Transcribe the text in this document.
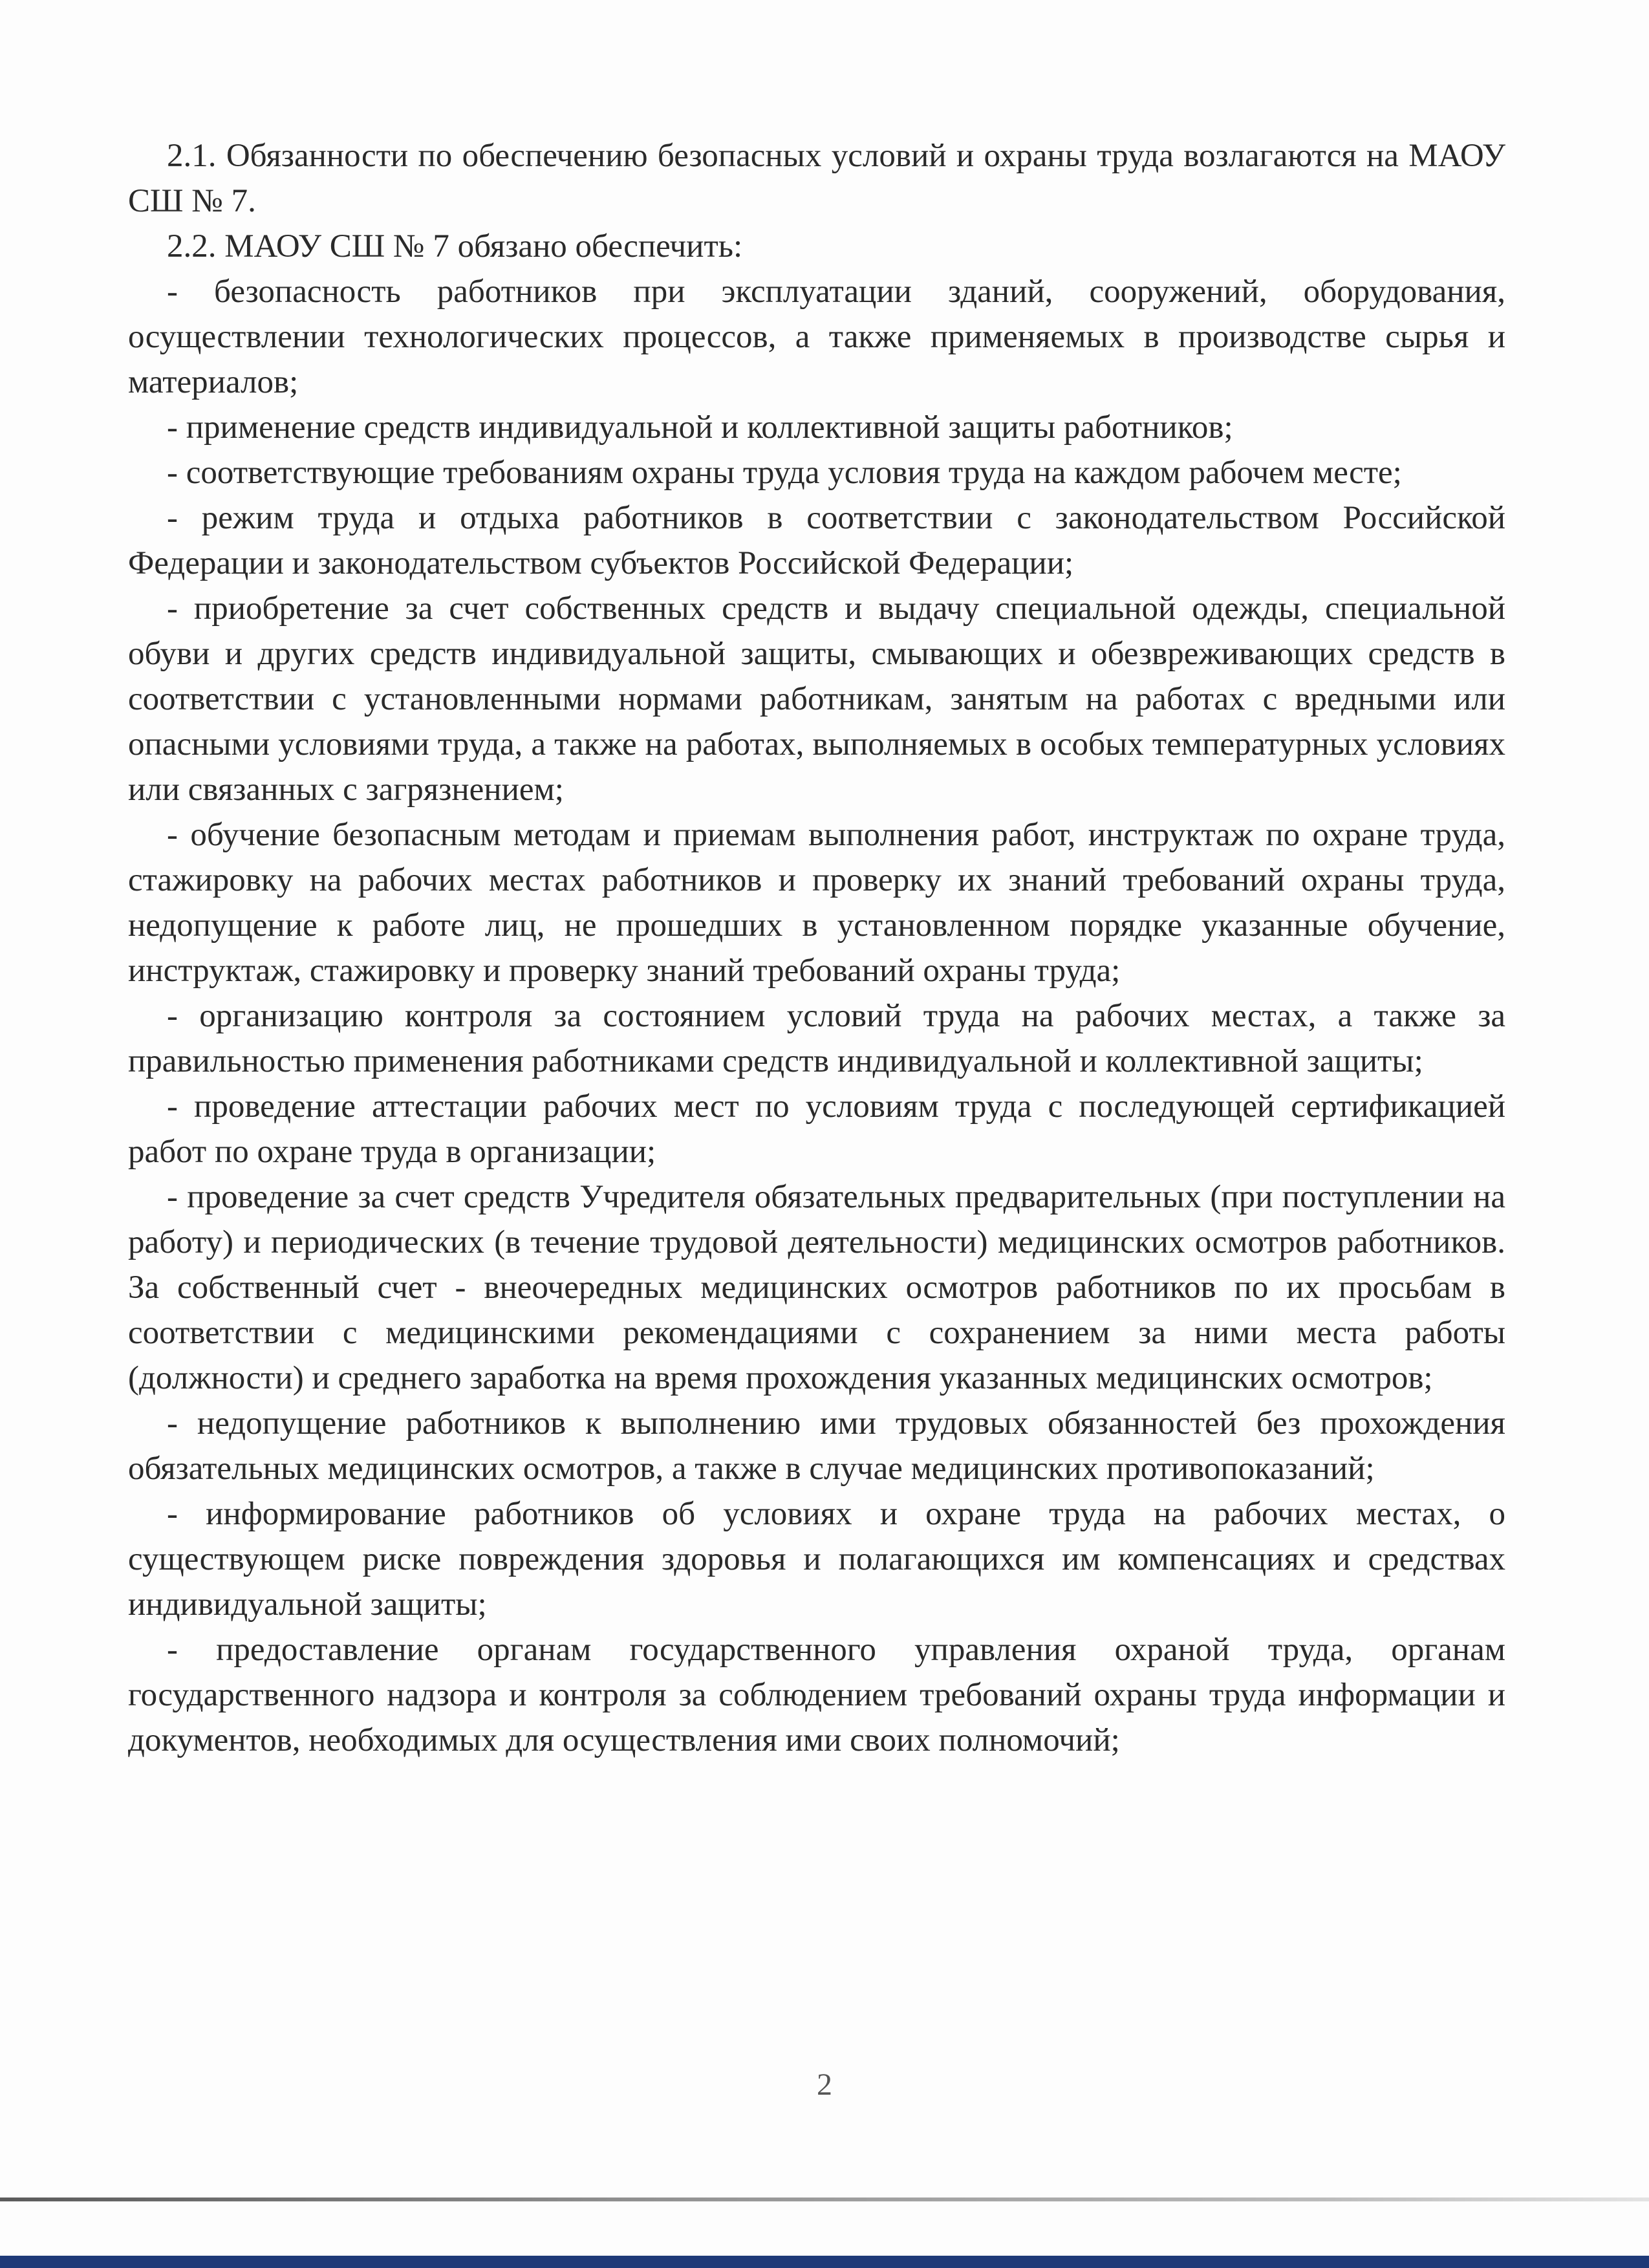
2.1. Обязанности по обеспечению безопасных условий и охраны труда возлагаются на МАОУ СШ № 7.

2.2. МАОУ СШ № 7 обязано обеспечить:

- безопасность работников при эксплуатации зданий, сооружений, оборудования, осуществлении технологических процессов, а также применяемых в производстве сырья и материалов;

- применение средств индивидуальной и коллективной защиты работников;

- соответствующие требованиям охраны труда условия труда на каждом рабочем месте;

- режим труда и отдыха работников в соответствии с законодательством Российской Федерации и законодательством субъектов Российской Федерации;

- приобретение за счет собственных средств и выдачу специальной одежды, специальной обуви и других средств индивидуальной защиты, смывающих и обезвреживающих средств в соответствии с установленными нормами работникам, занятым на работах с вредными или опасными условиями труда, а также на работах, выполняемых в особых температурных условиях или связанных с загрязнением;

- обучение безопасным методам и приемам выполнения работ, инструктаж по охране труда, стажировку на рабочих местах работников и проверку их знаний требований охраны труда, недопущение к работе лиц, не прошедших в установленном порядке указанные обучение, инструктаж, стажировку и проверку знаний требований охраны труда;

- организацию контроля за состоянием условий труда на рабочих местах, а также за правильностью применения работниками средств индивидуальной и коллективной защиты;

- проведение аттестации рабочих мест по условиям труда с последующей сертификацией работ по охране труда в организации;

- проведение за счет средств Учредителя обязательных предварительных (при поступлении на работу) и периодических (в течение трудовой деятельности) медицинских осмотров работников. За собственный счет - внеочередных медицинских осмотров работников по их просьбам в соответствии с медицинскими рекомендациями с сохранением за ними места работы (должности) и среднего заработка на время прохождения указанных медицинских осмотров;

- недопущение работников к выполнению ими трудовых обязанностей без прохождения обязательных медицинских осмотров, а также в случае медицинских противопоказаний;

- информирование работников об условиях и охране труда на рабочих местах, о существующем риске повреждения здоровья и полагающихся им компенсациях и средствах индивидуальной защиты;

- предоставление органам государственного управления охраной труда, органам государственного надзора и контроля за соблюдением требований охраны труда информации и документов, необходимых для осуществления ими своих полномочий;

2
